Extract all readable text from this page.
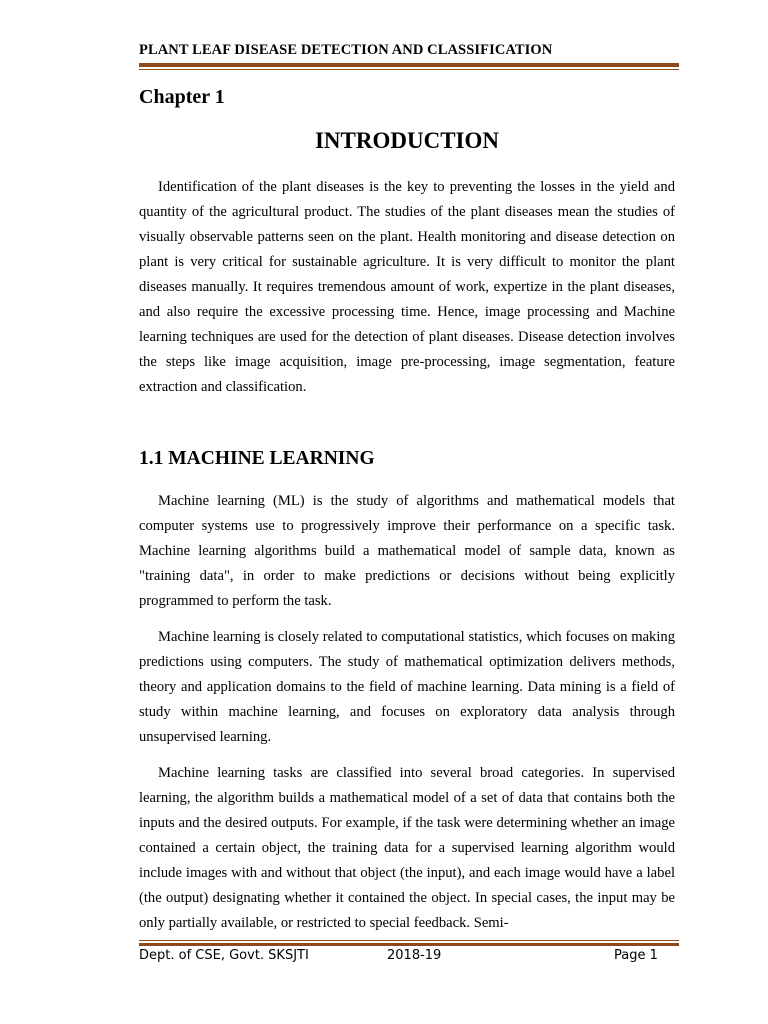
PLANT LEAF DISEASE DETECTION AND CLASSIFICATION
Chapter 1
INTRODUCTION

Identification of the plant diseases is the key to preventing the losses in the yield and quantity of the agricultural product. The studies of the plant diseases mean the studies of visually observable patterns seen on the plant. Health monitoring and disease detection on plant is very critical for sustainable agriculture. It is very difficult to monitor the plant diseases manually. It requires tremendous amount of work, expertize in the plant diseases, and also require the excessive processing time. Hence, image processing and Machine learning techniques are used for the detection of plant diseases. Disease detection involves the steps like image acquisition, image pre-processing, image segmentation, feature extraction and classification.

1.1 MACHINE LEARNING

Machine learning (ML) is the study of algorithms and mathematical models that computer systems use to progressively improve their performance on a specific task. Machine learning algorithms build a mathematical model of sample data, known as "training data", in order to make predictions or decisions without being explicitly programmed to perform the task.

Machine learning is closely related to computational statistics, which focuses on making predictions using computers. The study of mathematical optimization delivers methods, theory and application domains to the field of machine learning. Data mining is a field of study within machine learning, and focuses on exploratory data analysis through unsupervised learning.

Machine learning tasks are classified into several broad categories. In supervised learning, the algorithm builds a mathematical model of a set of data that contains both the inputs and the desired outputs. For example, if the task were determining whether an image contained a certain object, the training data for a supervised learning algorithm would include images with and without that object (the input), and each image would have a label (the output) designating whether it contained the object. In special cases, the input may be only partially available, or restricted to special feedback. Semi-

Dept. of CSE, Govt. SKSJTI	2018-19	Page 1
